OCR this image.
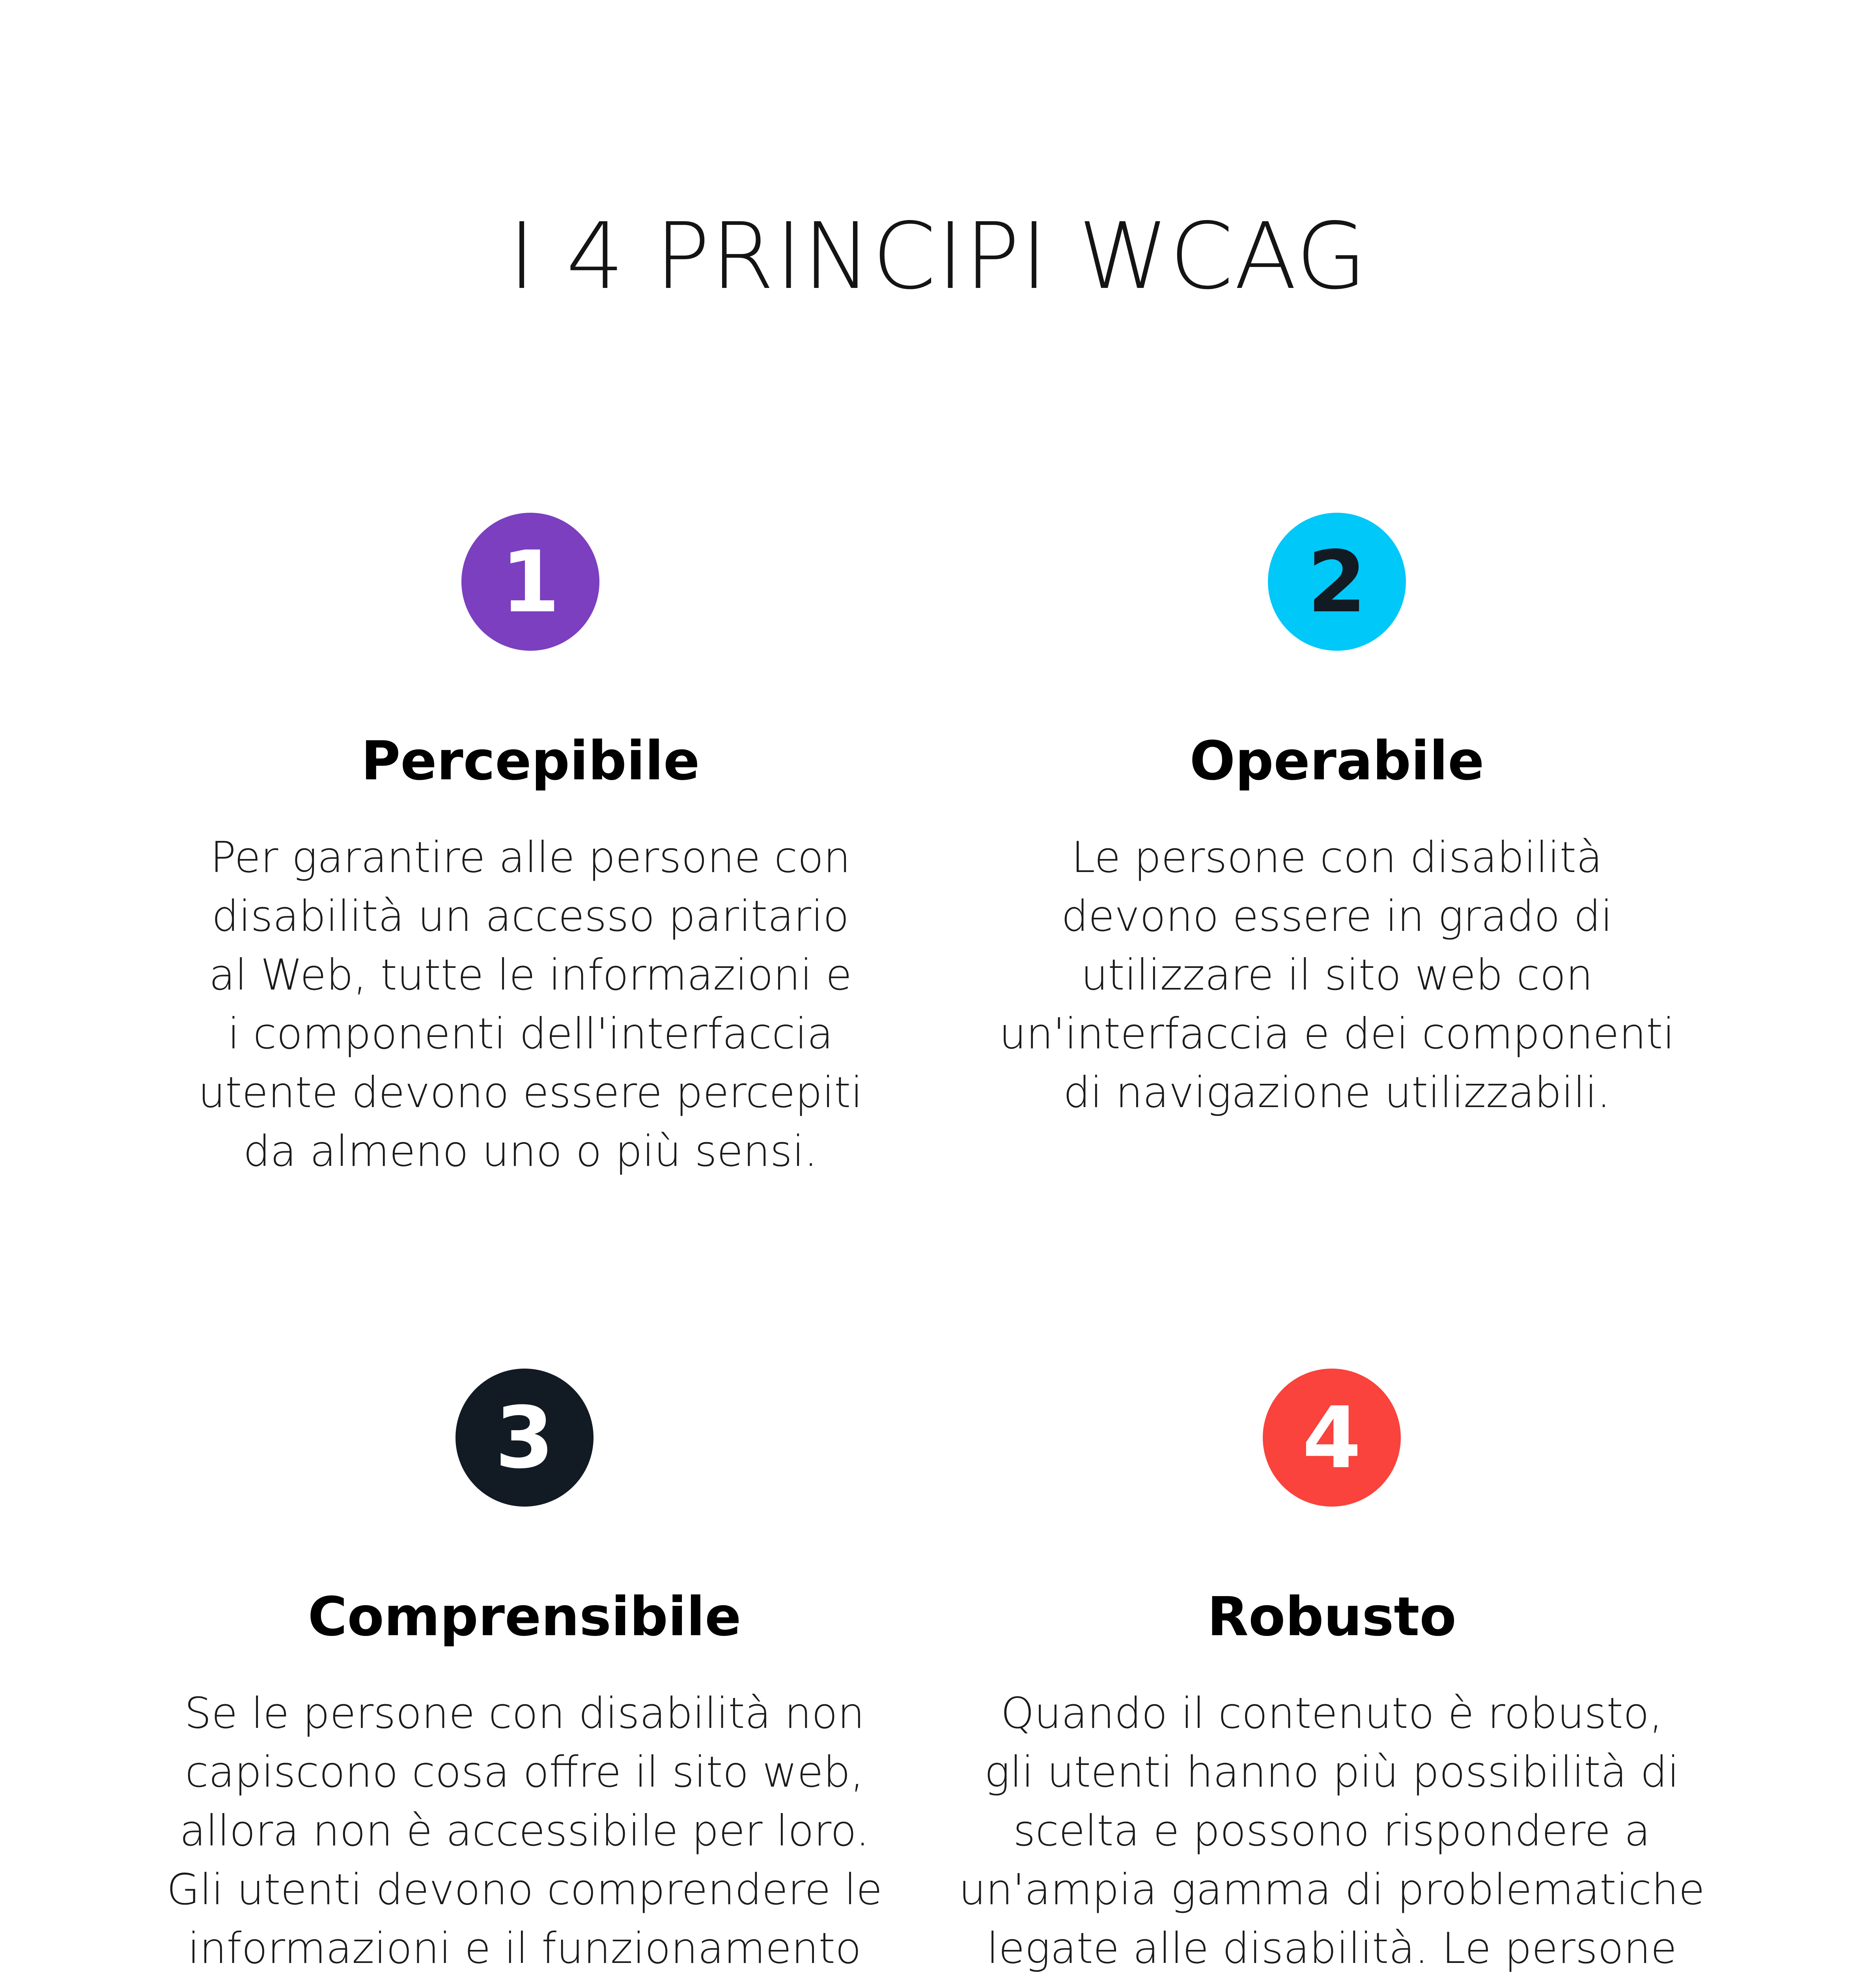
I 4 PRINCIPI WCAG
1
Percepibile
Per garantire alle persone con
disabilità un accesso paritario
al Web, tutte le informazioni e
i componenti dell'interfaccia
utente devono essere percepiti
da almeno uno o più sensi.
2
Operabile
Le persone con disabilità
devono essere in grado di
utilizzare il sito web con
un'interfaccia e dei componenti
di navigazione utilizzabili.
3
Comprensibile
Se le persone con disabilità non
capiscono cosa offre il sito web,
allora non è accessibile per loro.
Gli utenti devono comprendere le
informazioni e il funzionamento

4
Robusto
Quando il contenuto è robusto,
gli utenti hanno più possibilità di
scelta e possono rispondere a
un'ampia gamma di problematiche
legate alle disabilità. Le persone
